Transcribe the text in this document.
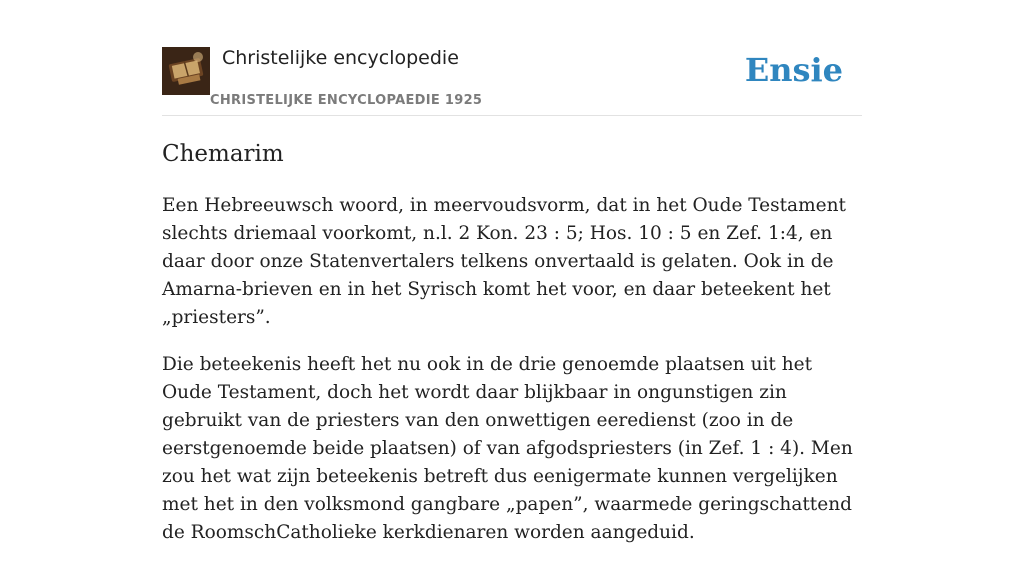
Christelijke encyclopedie
CHRISTELIJKE ENCYCLOPAEDIE 1925
Ensie
Chemarim

Een Hebreeuwsch woord, in meervoudsvorm, dat in het Oude Testament slechts driemaal voorkomt, n.l. 2 Kon. 23 : 5; Hos. 10 : 5 en Zef. 1:4, en daar door onze Statenvertalers telkens onvertaald is gelaten. Ook in de Amarna-brieven en in het Syrisch komt het voor, en daar beteekent het „priesters”.

Die beteekenis heeft het nu ook in de drie genoemde plaatsen uit het Oude Testament, doch het wordt daar blijkbaar in ongunstigen zin gebruikt van de priesters van den onwettigen eeredienst (zoo in de eerstgenoemde beide plaatsen) of van afgodspriesters (in Zef. 1 : 4). Men zou het wat zijn beteekenis betreft dus eenigermate kunnen vergelijken met het in den volksmond gangbare „papen”, waarmede geringschattend de RoomschCatholieke kerkdienaren worden aangeduid.
